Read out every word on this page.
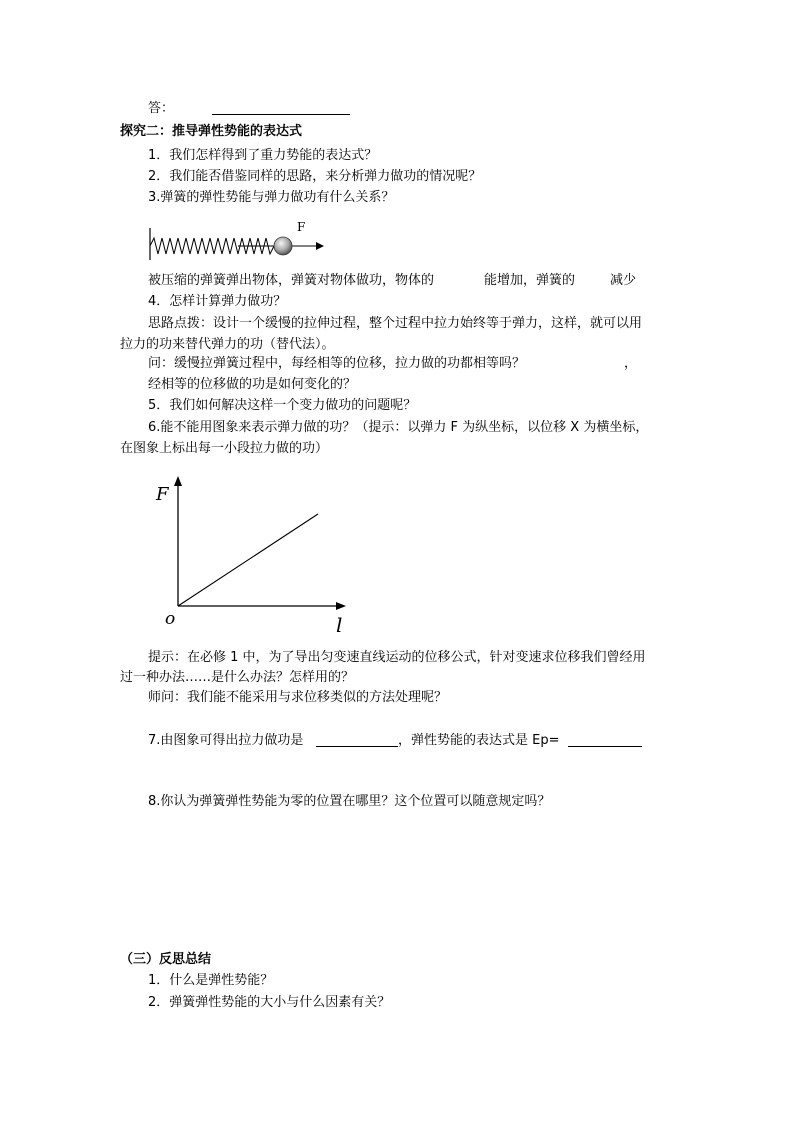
答：
探究二：推导弹性势能的表达式
1．我们怎样得到了重力势能的表达式？
2．我们能否借鉴同样的思路，来分析弹力做功的情况呢？
3.弹簧的弹性势能与弹力做功有什么关系？
F
被压缩的弹簧弹出物体，弹簧对物体做功，物体的	能增加，弹簧的	减少
4．怎样计算弹力做功？
思路点拨：设计一个缓慢的拉伸过程，整个过程中拉力始终等于弹力，这样，就可以用
拉力的功来替代弹力的功（替代法）。
问：缓慢拉弹簧过程中，每经相等的位移，拉力做的功都相等吗？	，
经相等的位移做的功是如何变化的？
5．我们如何解决这样一个变力做功的问题呢？
6.能不能用图象来表示弹力做的功？（提示：以弹力 F 为纵坐标，以位移 X 为横坐标，
在图象上标出每一小段拉力做的功）
F
l
o
提示：在必修 1 中，为了导出匀变速直线运动的位移公式，针对变速求位移我们曾经用
过一种办法……是什么办法？怎样用的？
师问：我们能不能采用与求位移类似的方法处理呢？
7.由图象可得出拉力做功是	，弹性势能的表达式是 Ep=
8.你认为弹簧弹性势能为零的位置在哪里？这个位置可以随意规定吗？
（三）反思总结
1．什么是弹性势能？
2．弹簧弹性势能的大小与什么因素有关？
